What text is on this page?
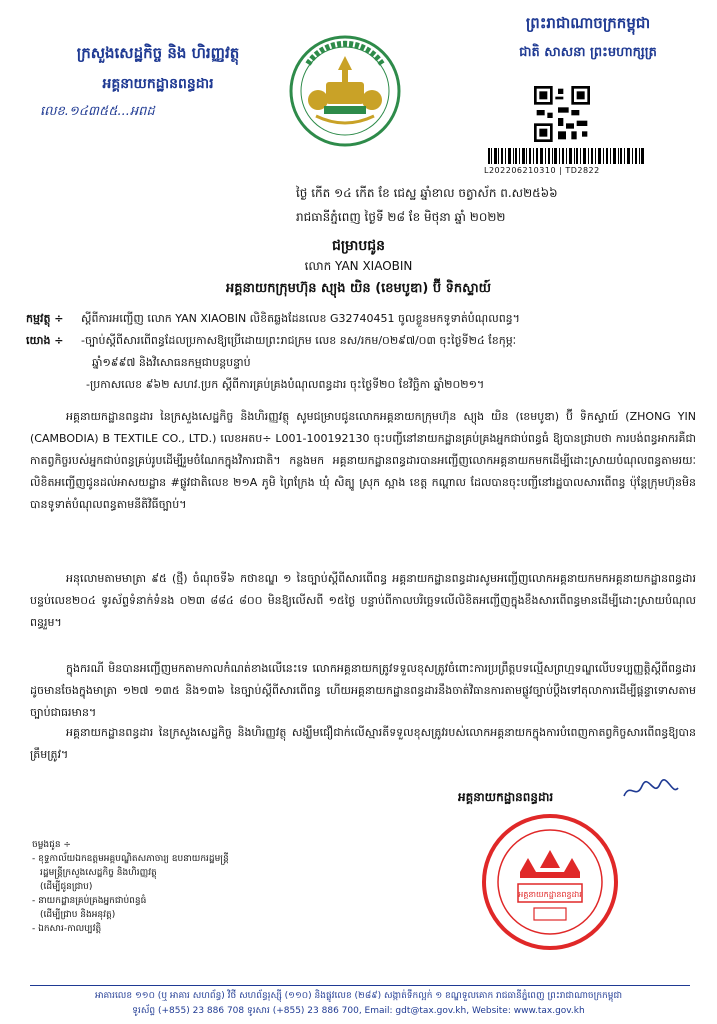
ក្រសួងសេដ្ឋកិច្ច និង ហិរញ្ញវត្ថុ
អគ្គនាយកដ្ឋានពន្ធដារ
លេខ.១៤៣៥៥...អពដ
ព្រះរាជាណាចក្រកម្ពុជា
ជាតិ សាសនា ព្រះមហាក្សត្រ
L202206210310 | TD2822
ថ្ងៃ កើត ១៤ កើត ខែ ជេស្ឋ ឆ្នាំខាល ចត្វាស័ក ព.ស២៥៦៦
រាជធានីភ្នំពេញ ថ្ងៃទី ២៨ ខែ មិថុនា ឆ្នាំ ២០២២
ជម្រាបជូន
លោក YAN XIAOBIN
អគ្គនាយកក្រុមហ៊ុន ស្យុង យិន (ខេមបូឌា) ប៊ី ទិកស្ទាយ៍
កម្មវត្ថុ ÷ ស្តីពីការអញ្ជើញ លោក YAN XIAOBIN លិខិតឆ្លងដែនលេខ G32740451 ចូលខ្លួនមកទូទាត់បំណុលពន្ធ។
យោង ÷ -ច្បាប់ស្តីពីសារពើពន្ធដែលប្រកាសឱ្យប្រើដោយព្រះរាជក្រម លេខ នស/រកម/០២៩៧/០៣ ចុះថ្ងៃទី២៤ ខែកុម្ភៈ
ឆ្នាំ១៩៩៧ និងវិសោធនកម្មជាបន្តបន្ទាប់
-ប្រកាសលេខ ៩៦២ សហវ.ប្រក ស្តីពីការគ្រប់គ្រងបំណុលពន្ធដារ ចុះថ្ងៃទី២០ ខែវិច្ឆិកា ឆ្នាំ២០២១។
អគ្គនាយកដ្ឋានពន្ធដារ នៃក្រសួងសេដ្ឋកិច្ច និងហិរញ្ញវត្ថុ សូមជម្រាបជូនលោកអគ្គនាយកក្រុមហ៊ុន ស្យុង យិន (ខេមបូឌា) ប៊ី ទិកស្ទាយ៍ (ZHONG YIN (CAMBODIA) B TEXTILE CO., LTD.) លេខអតប÷ L001-100192130 ចុះបញ្ជីនៅនាយកដ្ឋានគ្រប់គ្រងអ្នកជាប់ពន្ធធំ ឱ្យបានជ្រាបថា ការបង់ពន្ធអាករគឺជាកាតព្វកិច្ចរបស់អ្នកជាប់ពន្ធគ្រប់រូបដើម្បីរួមចំណែកក្នុងវិការជាតិ។ កន្លងមក អគ្គនាយកដ្ឋានពន្ធដារបានអញ្ជើញលោកអគ្គនាយកមកដើម្បីដោះស្រាយបំណុលពន្ធតាមរយៈលិខិតអញ្ជើញជូនដល់អាសយដ្ឋាន #ផ្លូវជាតិលេខ ២១A ភូមិ ព្រៃក្រែង ឃុំ សិត្បូ ស្រុក ស្អាង ខេត្ត កណ្តាល ដែលបានចុះបញ្ជីនៅរដ្ឋបាលសារពើពន្ធ ប៉ុន្តែក្រុមហ៊ុនមិនបានទូទាត់បំណុលពន្ធតាមនីតិវិធីច្បាប់។
អនុលោមតាមមាត្រា ៩៥ (ថ្មី) ចំណុចទី៦ កថាខណ្ឌ ១ នៃច្បាប់ស្តីពីសារពើពន្ធ អគ្គនាយកដ្ឋានពន្ធដារសូមអញ្ជើញលោកអគ្គនាយកមកអគ្គនាយកដ្ឋានពន្ធដារ បន្ទប់លេខ២០៤ ទូរស័ព្ទទំនាក់ទំនង ០២៣ ៨៨៤ ៨០០ មិនឱ្យលើសពី ១៥ថ្ងៃ បន្ទាប់ពីកាលបរិច្ឆេទលើលិខិតអញ្ជើញក្នុងខឹងសារពើពន្ធមានដើម្បីដោះស្រាយបំណុលពន្ធរួម។
ក្នុងករណី មិនបានអញ្ជើញមកតាមកាលកំណត់ខាងលើនេះទេ លោកអគ្គនាយកត្រូវទទួលខុសត្រូវចំពោះការប្រព្រឹត្តបទល្មើសព្រហ្មទណ្ឌលើបទប្បញ្ញត្តិស្តីពីពន្ធដារ ដូចមានចែងក្នុងមាត្រា ១២៧ ១៣៥ និង១៣៦ នៃច្បាប់ស្តីពីសារពើពន្ធ ហើយអគ្គនាយកដ្ឋានពន្ធដារនឹងចាត់វិធានការតាមផ្លូវច្បាប់ប្តឹងទៅតុលាការដើម្បីផ្តន្ទាទោសតាមច្បាប់ជាធរមាន។
អគ្គនាយកដ្ឋានពន្ធដារ នៃក្រសួងសេដ្ឋកិច្ច និងហិរញ្ញវត្ថុ សង្ឃឹមជឿជាក់លើស្មារតីទទួលខុសត្រូវរបស់លោកអគ្គនាយកក្នុងការបំពេញកាតព្វកិច្ចសារពើពន្ធឱ្យបានត្រឹមត្រូវ។
អគ្គនាយកដ្ឋានពន្ធដារ
អគ្គនាយកដ្ឋានពន្ធដារ
ចម្លងជូន ÷
- ខុទ្ទកាល័យឯកឧត្តមអគ្គបណ្ឌិតសភាចារ្យ ឧបនាយករដ្ឋមន្ត្រី
រដ្ឋមន្ត្រីក្រសួងសេដ្ឋកិច្ច និងហិរញ្ញវត្ថុ
(ដើម្បីជូនជ្រាប)
- នាយកដ្ឋានគ្រប់គ្រងអ្នកជាប់ពន្ធធំ
(ដើម្បីជ្រាប និងអនុវត្ត)
- ឯកសារ-កាលប្បវត្តិ
អាគារលេខ ១១០ (ឬ អាគារ សហព័ន្ធ) វិថី សហព័ន្ធរុស្ស៊ី (១១០) និងផ្លូវលេខ (២៨៩) សង្កាត់ទឹកល្អក់ ១ ខណ្ឌទួលគោក រាជធានីភ្នំពេញ ព្រះរាជាណាចក្រកម្ពុជា
ទូរស័ព្ទ (+855) 23 886 708 ទូរសារ (+855) 23 886 700, Email: gdt@tax.gov.kh, Website: www.tax.gov.kh
